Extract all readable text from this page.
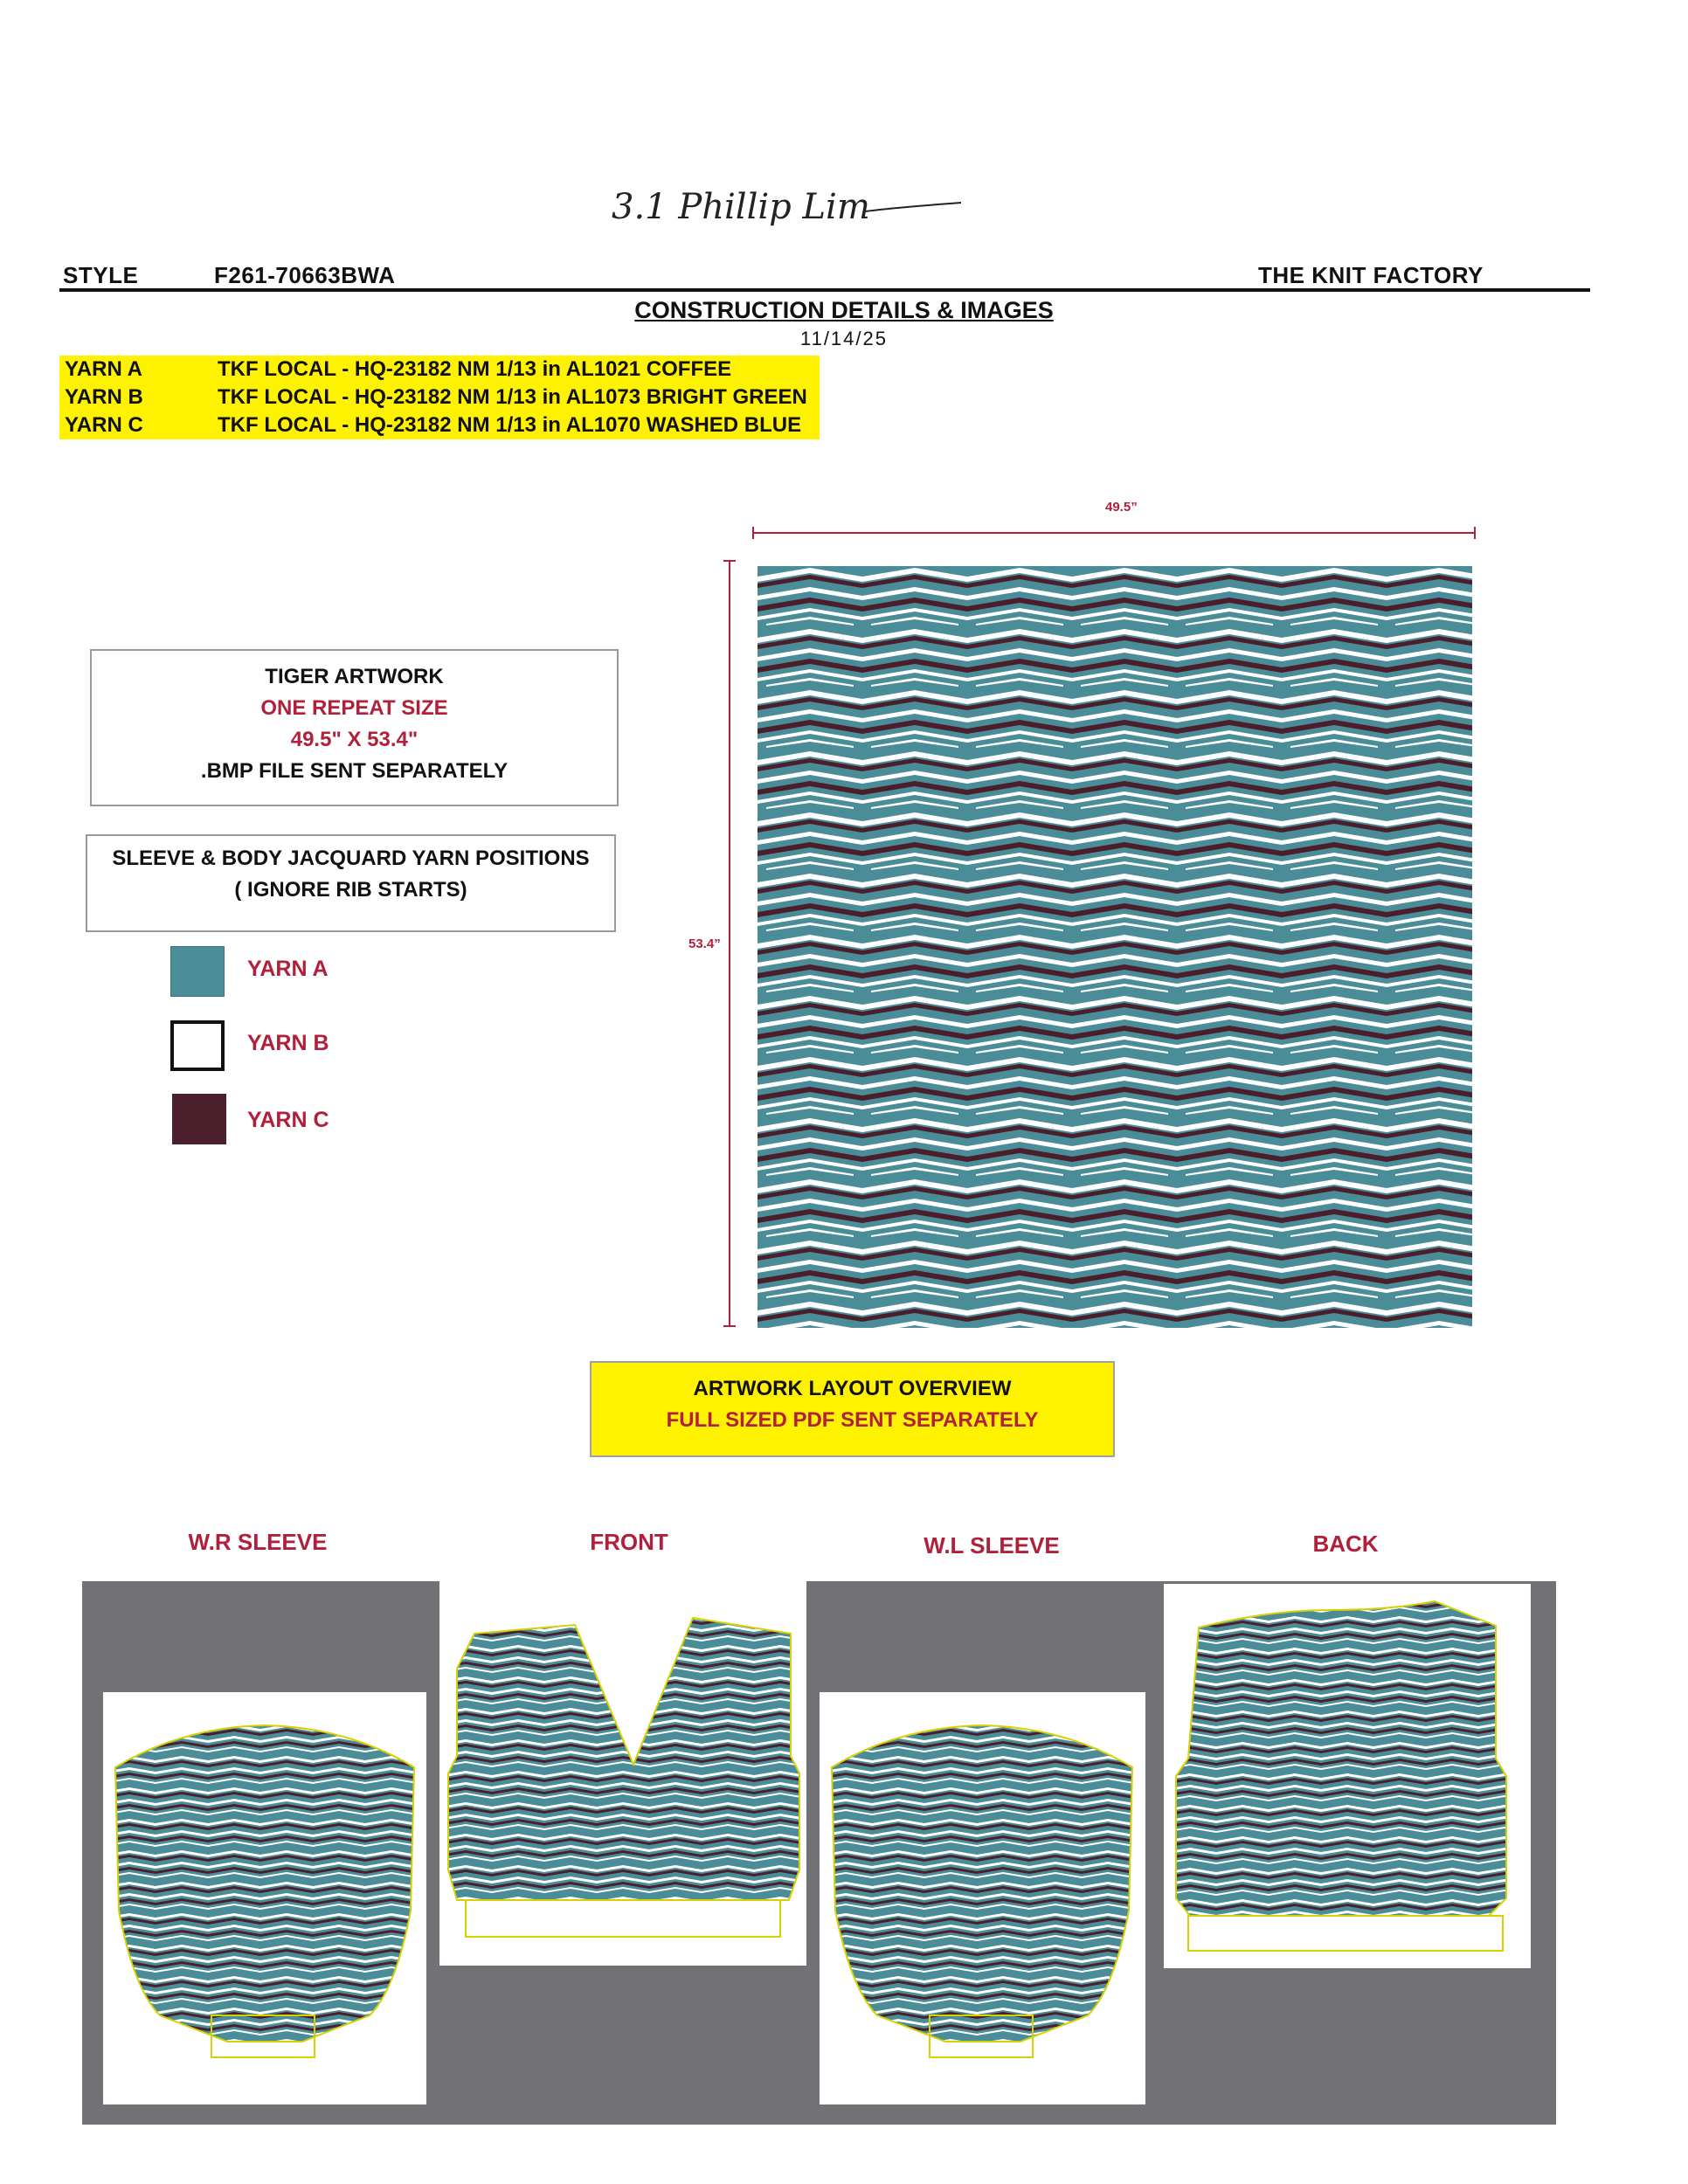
3.1 Phillip Lim
STYLE	F261-70663BWA	THE KNIT FACTORY
CONSTRUCTION DETAILS & IMAGES
11/14/25
YARN A	TKF LOCAL - HQ-23182 NM 1/13 in AL1021 COFFEE
YARN B	TKF LOCAL - HQ-23182 NM 1/13 in AL1073 BRIGHT GREEN
YARN C	TKF LOCAL - HQ-23182 NM 1/13 in AL1070 WASHED BLUE
49.5”
53.4”
TIGER ARTWORK
ONE REPEAT SIZE
49.5" X 53.4"
.BMP FILE SENT SEPARATELY
SLEEVE & BODY JACQUARD YARN POSITIONS
( IGNORE RIB STARTS)
YARN A
YARN B
YARN C
ARTWORK LAYOUT OVERVIEW
FULL SIZED PDF SENT SEPARATELY
W.R SLEEVE	FRONT	W.L SLEEVE	BACK
